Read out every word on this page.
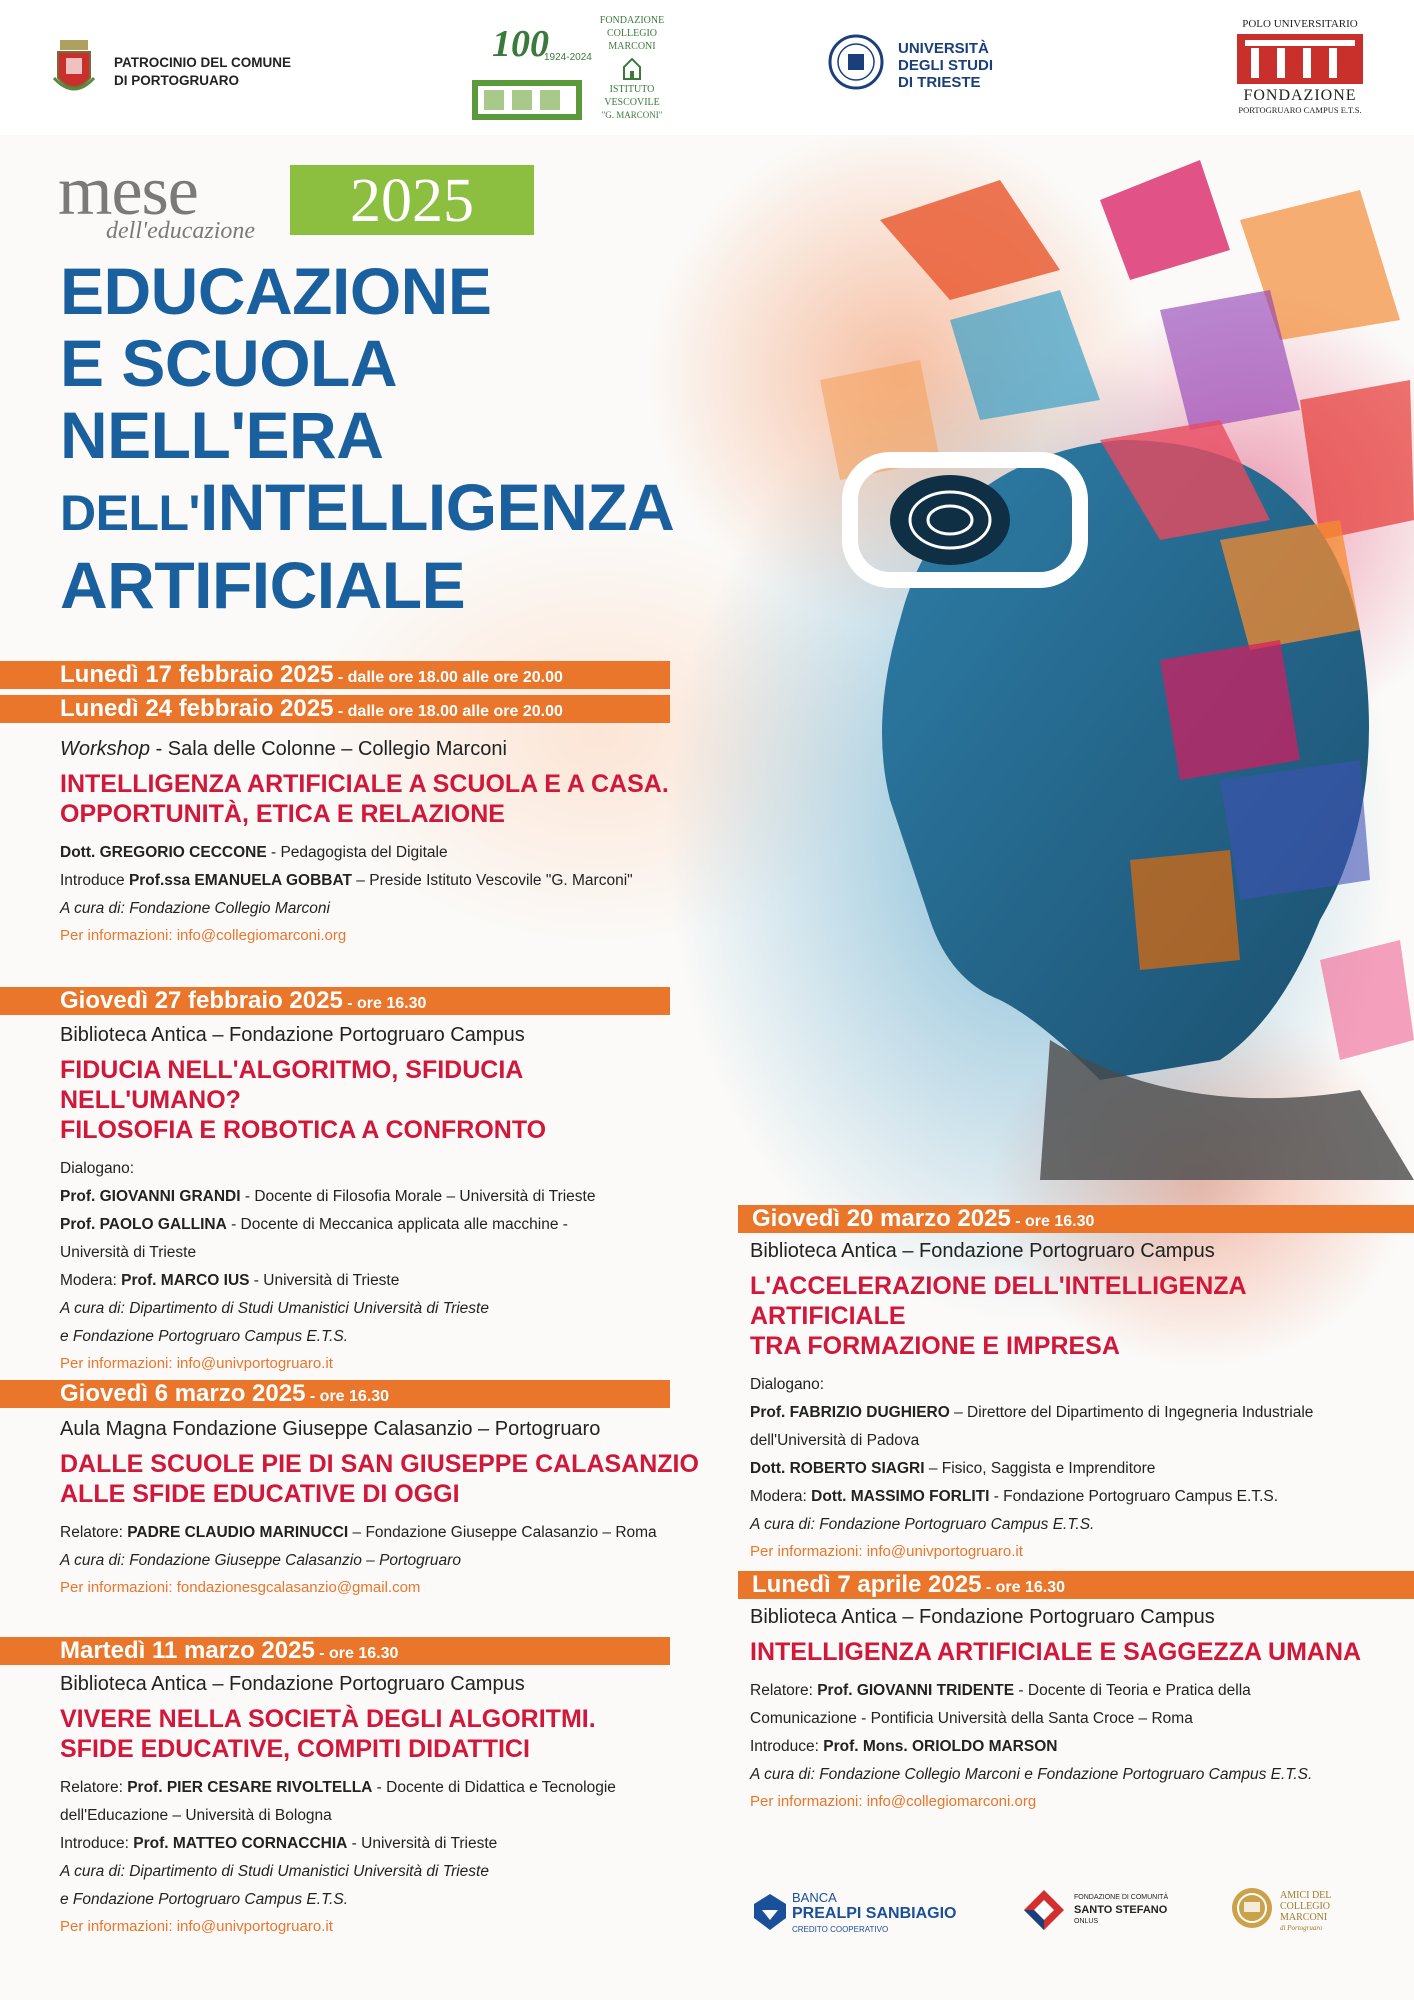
PATROCINIO DEL COMUNE
DI PORTOGRUARO
100
1924-2024
FONDAZIONE
COLLEGIO
MARCONI
ISTITUTO
VESCOVILE
"G. MARCONI"
UNIVERSITÀ
DEGLI STUDI
DI TRIESTE
POLO UNIVERSITARIO
FONDAZIONE
PORTOGRUARO CAMPUS E.T.S.
mese
dell'educazione	2025
EDUCAZIONE
E SCUOLA
NELL'ERA
DELL'INTELLIGENZA
ARTIFICIALE
Lunedì 17 febbraio 2025 - dalle ore 18.00 alle ore 20.00
Lunedì 24 febbraio 2025 - dalle ore 18.00 alle ore 20.00
Workshop - Sala delle Colonne – Collegio Marconi
INTELLIGENZA ARTIFICIALE A SCUOLA E A CASA.
OPPORTUNITÀ, ETICA E RELAZIONE
Dott. GREGORIO CECCONE - Pedagogista del Digitale
Introduce Prof.ssa EMANUELA GOBBAT – Preside Istituto Vescovile "G. Marconi"
A cura di: Fondazione Collegio Marconi
Per informazioni: info@collegiomarconi.org
Giovedì 27 febbraio 2025 - ore 16.30
Biblioteca Antica – Fondazione Portogruaro Campus
FIDUCIA NELL'ALGORITMO, SFIDUCIA NELL'UMANO?
FILOSOFIA E ROBOTICA A CONFRONTO
Dialogano:
Prof. GIOVANNI GRANDI - Docente di Filosofia Morale – Università di Trieste
Prof. PAOLO GALLINA - Docente di Meccanica applicata alle macchine -
Università di Trieste
Modera: Prof. MARCO IUS - Università di Trieste
A cura di: Dipartimento di Studi Umanistici Università di Trieste
e Fondazione Portogruaro Campus E.T.S.
Per informazioni: info@univportogruaro.it
Giovedì 6 marzo 2025 - ore 16.30
Aula Magna Fondazione Giuseppe Calasanzio – Portogruaro
DALLE SCUOLE PIE DI SAN GIUSEPPE CALASANZIO
ALLE SFIDE EDUCATIVE DI OGGI
Relatore: PADRE CLAUDIO MARINUCCI – Fondazione Giuseppe Calasanzio – Roma
A cura di: Fondazione Giuseppe Calasanzio – Portogruaro
Per informazioni: fondazionesgcalasanzio@gmail.com
Martedì 11 marzo 2025 - ore 16.30
Biblioteca Antica – Fondazione Portogruaro Campus
VIVERE NELLA SOCIETÀ DEGLI ALGORITMI.
SFIDE EDUCATIVE, COMPITI DIDATTICI
Relatore: Prof. PIER CESARE RIVOLTELLA - Docente di Didattica e Tecnologie
dell'Educazione – Università di Bologna
Introduce: Prof. MATTEO CORNACCHIA - Università di Trieste
A cura di: Dipartimento di Studi Umanistici Università di Trieste
e Fondazione Portogruaro Campus E.T.S.
Per informazioni: info@univportogruaro.it
Giovedì 20 marzo 2025 - ore 16.30
Biblioteca Antica – Fondazione Portogruaro Campus
L'ACCELERAZIONE DELL'INTELLIGENZA ARTIFICIALE
TRA FORMAZIONE E IMPRESA
Dialogano:
Prof. FABRIZIO DUGHIERO – Direttore del Dipartimento di Ingegneria Industriale
dell'Università di Padova
Dott. ROBERTO SIAGRI – Fisico, Saggista e Imprenditore
Modera: Dott. MASSIMO FORLITI - Fondazione Portogruaro Campus E.T.S.
A cura di: Fondazione Portogruaro Campus E.T.S.
Per informazioni: info@univportogruaro.it
Lunedì 7 aprile 2025 - ore 16.30
Biblioteca Antica – Fondazione Portogruaro Campus
INTELLIGENZA ARTIFICIALE E SAGGEZZA UMANA
Relatore: Prof. GIOVANNI TRIDENTE - Docente di Teoria e Pratica della
Comunicazione - Pontificia Università della Santa Croce – Roma
Introduce: Prof. Mons. ORIOLDO MARSON
A cura di: Fondazione Collegio Marconi e Fondazione Portogruaro Campus E.T.S.
Per informazioni: info@collegiomarconi.org
BANCA
PREALPI SANBIAGIO
CREDITO COOPERATIVO
FONDAZIONE DI COMUNITÀ
SANTO STEFANO
ONLUS
AMICI DEL
COLLEGIO
MARCONI
di Portogruaro
